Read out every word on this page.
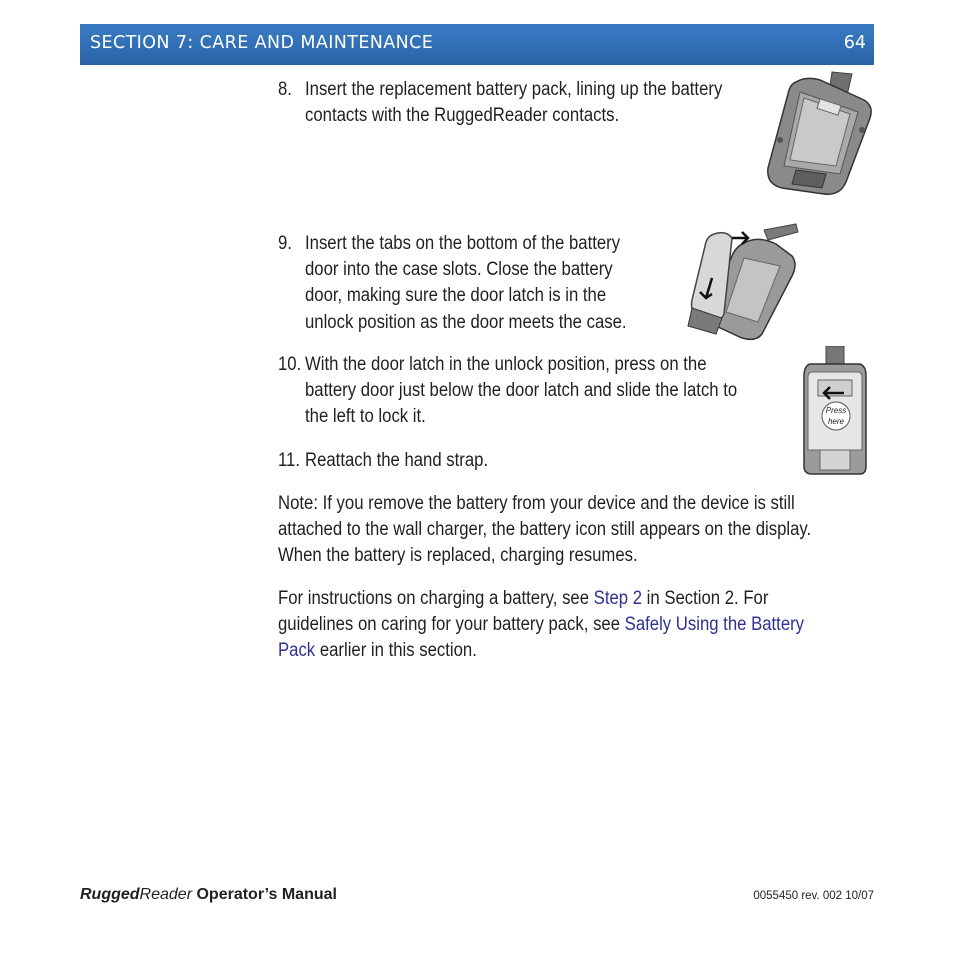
SECTION 7: CARE AND MAINTENANCE	64
8. Insert the replacement battery pack, lining up the battery
contacts with the RuggedReader contacts.
9. Insert the tabs on the bottom of the battery
door into the case slots. Close the battery
door, making sure the door latch is in the
unlock position as the door meets the case.
10. With the door latch in the unlock position, press on the
battery door just below the door latch and slide the latch to
the left to lock it.
11. Reattach the hand strap.
Note: If you remove the battery from your device and the device is still
attached to the wall charger, the battery icon still appears on the display.
When the battery is replaced, charging resumes.
For instructions on charging a battery, see Step 2 in Section 2. For
guidelines on caring for your battery pack, see Safely Using the Battery
Pack earlier in this section.
Press
here
RuggedReader Operator’s Manual	0055450 rev. 002 10/07
